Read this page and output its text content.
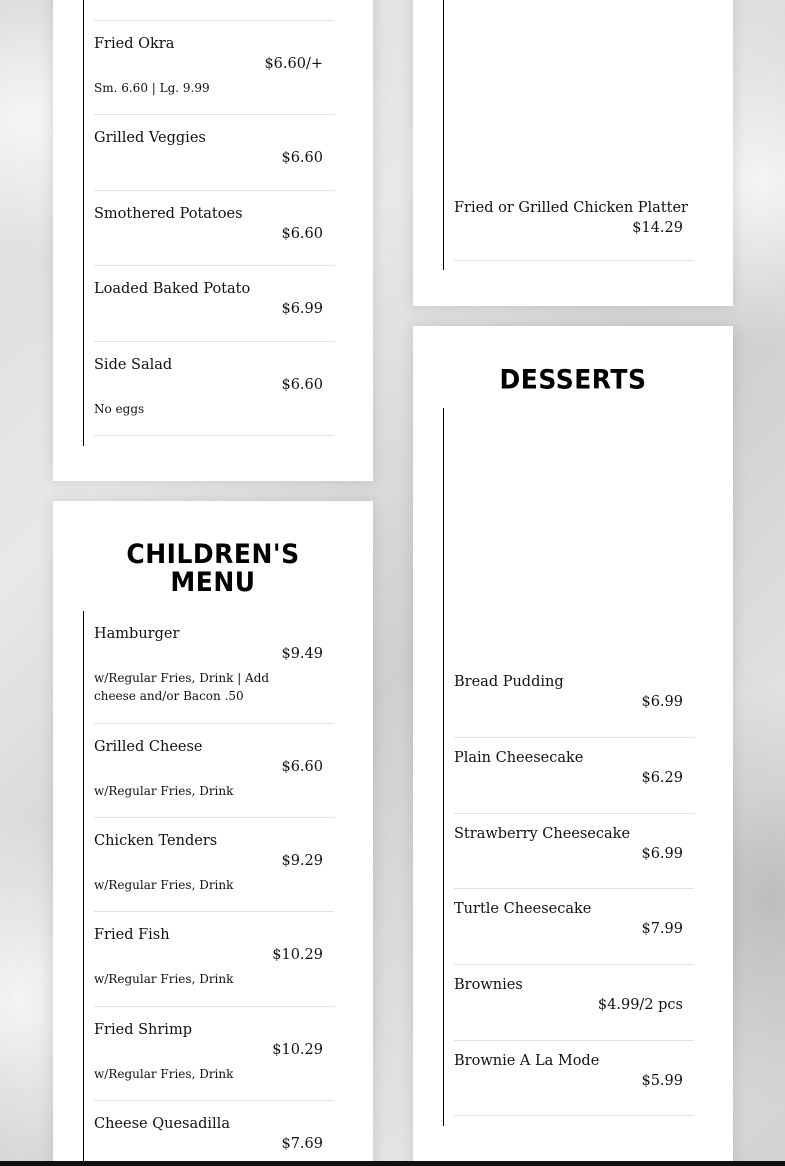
Fried Okra
$6.60/+
Sm. 6.60 | Lg. 9.99
Grilled Veggies
$6.60
Smothered Potatoes
$6.60
Loaded Baked Potato
$6.99
Side Salad
$6.60
No eggs
Fried or Grilled Chicken Platter
$14.29
CHILDREN'S MENU
Hamburger
$9.49
w/Regular Fries, Drink | Add cheese and/or Bacon .50
Grilled Cheese
$6.60
w/Regular Fries, Drink
Chicken Tenders
$9.29
w/Regular Fries, Drink
Fried Fish
$10.29
w/Regular Fries, Drink
Fried Shrimp
$10.29
w/Regular Fries, Drink
Cheese Quesadilla
$7.69
DESSERTS
Bread Pudding
$6.99
Plain Cheesecake
$6.29
Strawberry Cheesecake
$6.99
Turtle Cheesecake
$7.99
Brownies
$4.99/2 pcs
Brownie A La Mode
$5.99
